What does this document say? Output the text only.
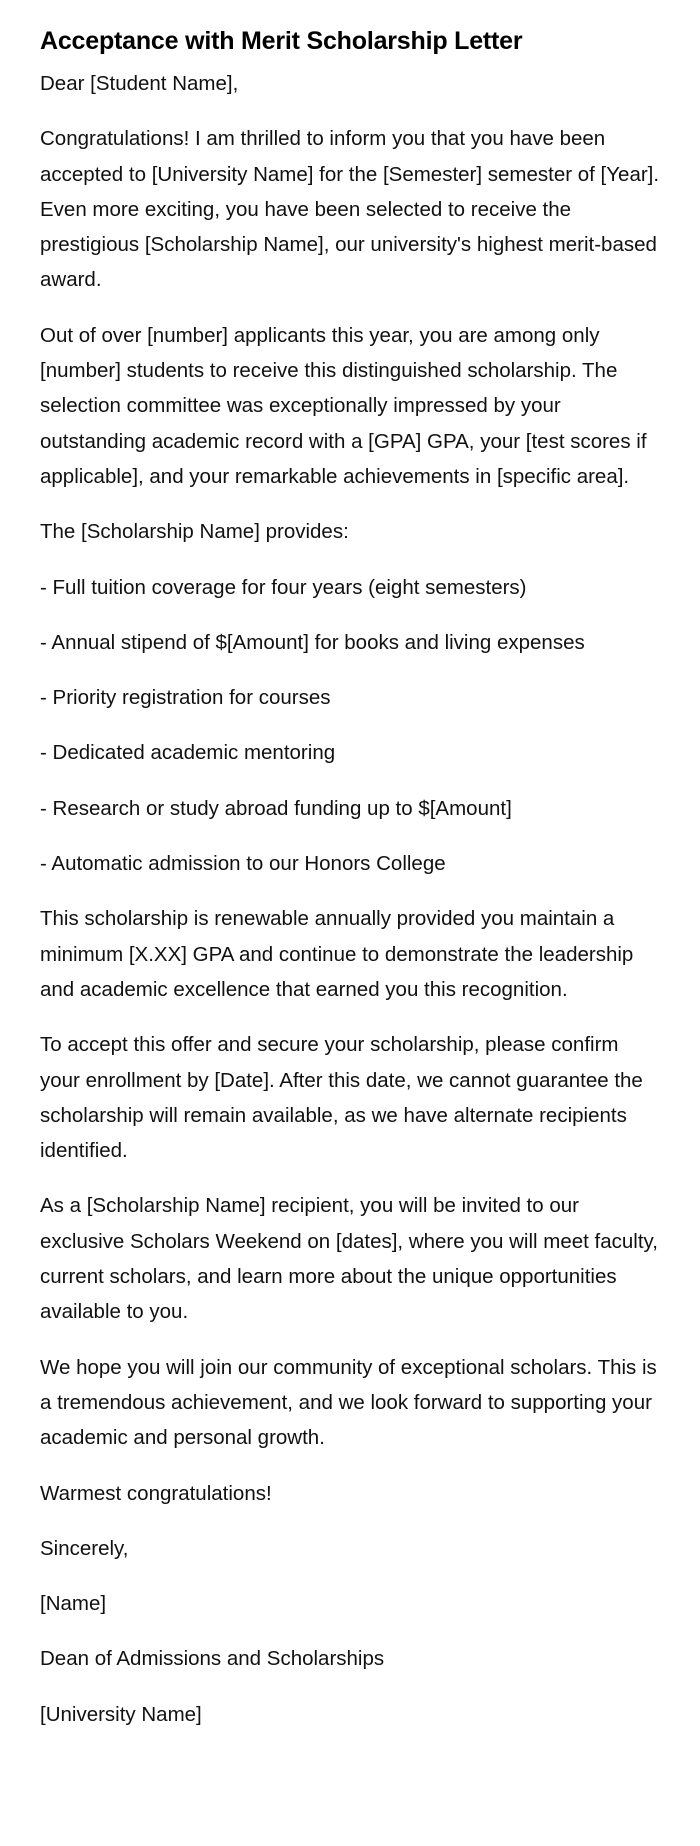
Acceptance with Merit Scholarship Letter

Dear [Student Name],

Congratulations! I am thrilled to inform you that you have been accepted to [University Name] for the [Semester] semester of [Year]. Even more exciting, you have been selected to receive the prestigious [Scholarship Name], our university's highest merit-based award.

Out of over [number] applicants this year, you are among only [number] students to receive this distinguished scholarship. The selection committee was exceptionally impressed by your outstanding academic record with a [GPA] GPA, your [test scores if applicable], and your remarkable achievements in [specific area].

The [Scholarship Name] provides:

- Full tuition coverage for four years (eight semesters)

- Annual stipend of $[Amount] for books and living expenses

- Priority registration for courses

- Dedicated academic mentoring

- Research or study abroad funding up to $[Amount]

- Automatic admission to our Honors College

This scholarship is renewable annually provided you maintain a minimum [X.XX] GPA and continue to demonstrate the leadership and academic excellence that earned you this recognition.

To accept this offer and secure your scholarship, please confirm your enrollment by [Date]. After this date, we cannot guarantee the scholarship will remain available, as we have alternate recipients identified.

As a [Scholarship Name] recipient, you will be invited to our exclusive Scholars Weekend on [dates], where you will meet faculty, current scholars, and learn more about the unique opportunities available to you.

We hope you will join our community of exceptional scholars. This is a tremendous achievement, and we look forward to supporting your academic and personal growth.

Warmest congratulations!

Sincerely,

[Name]

Dean of Admissions and Scholarships

[University Name]
